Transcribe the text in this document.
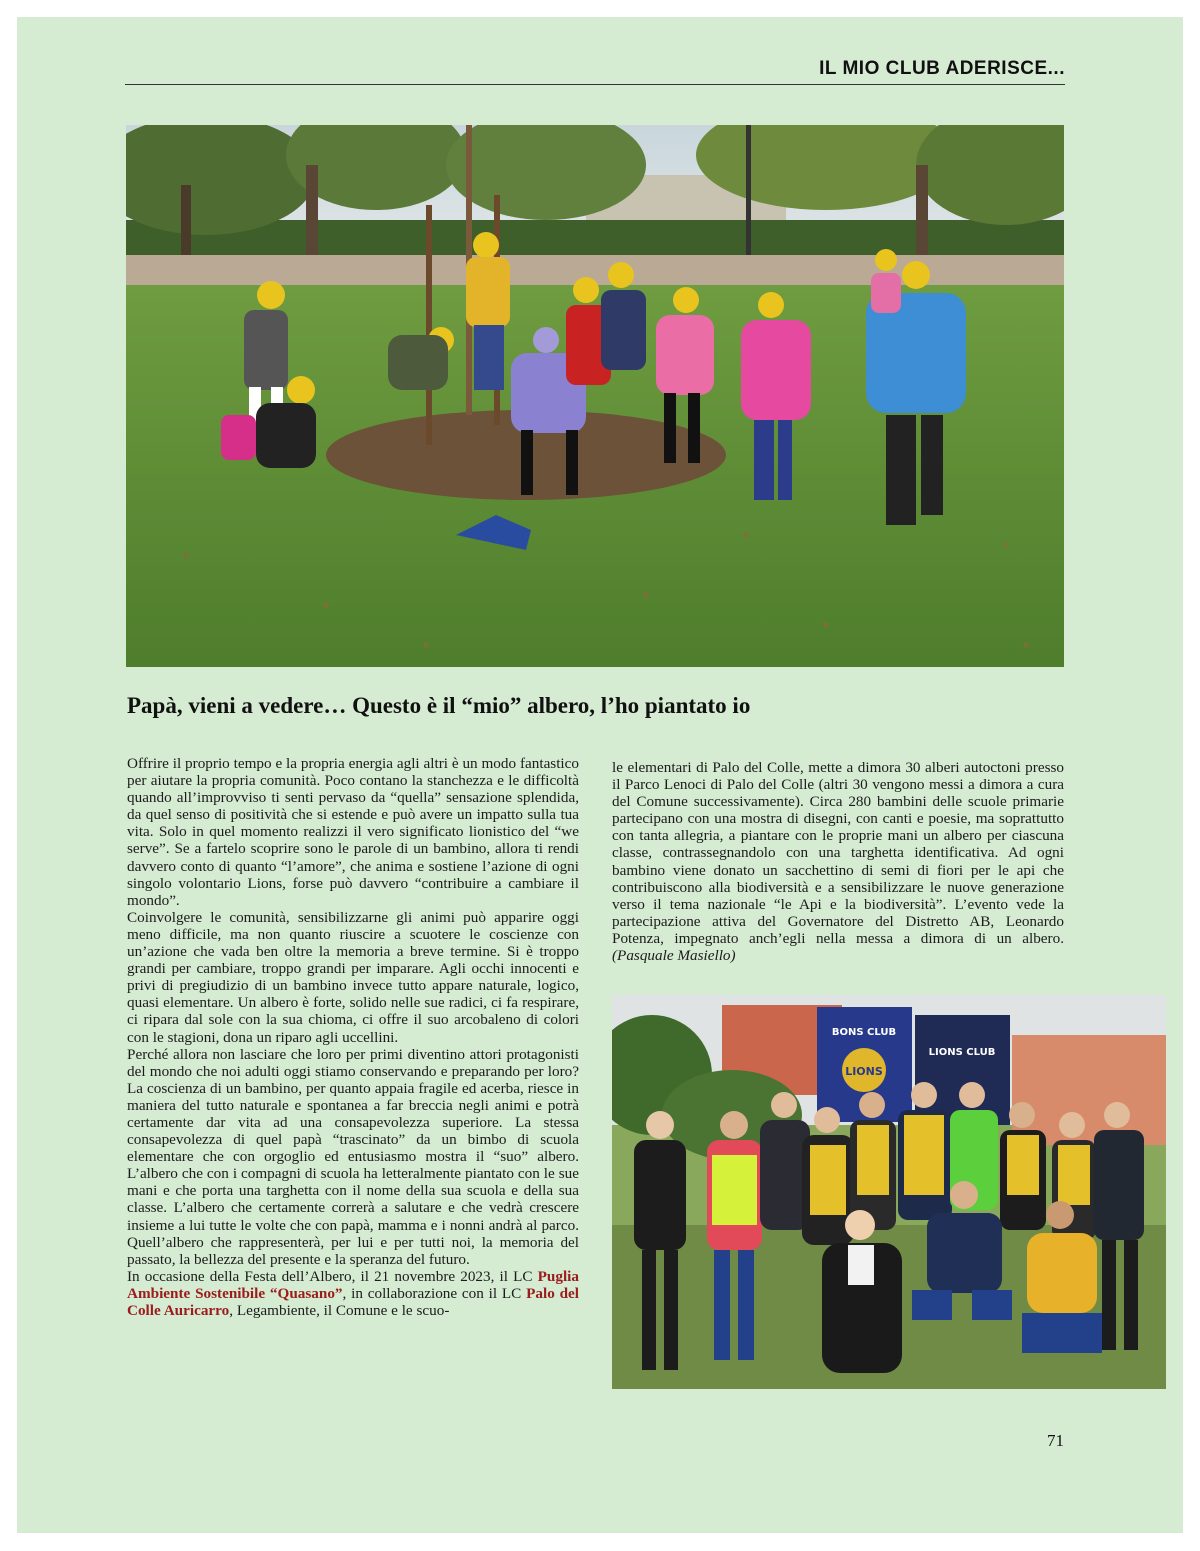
IL MIO CLUB ADERISCE...
Papà, vieni a vedere… Questo è il “mio” albero, l’ho piantato io

Offrire il proprio tempo e la propria energia agli altri è un modo fantastico per aiutare la propria comunità. Poco contano la stanchezza e le difficoltà quando all’improvviso ti senti pervaso da “quella” sensazione splendida, da quel senso di positività che si estende e può avere un impatto sulla tua vita. Solo in quel momento realizzi il vero significato lionistico del “we serve”. Se a fartelo scoprire sono le parole di un bambino, allora ti rendi davvero conto di quanto “l’amore”, che anima e sostiene l’azione di ogni singolo volontario Lions, forse può davvero “contribuire a cambiare il mondo”.

Coinvolgere le comunità, sensibilizzarne gli animi può apparire oggi meno difficile, ma non quanto riuscire a scuotere le coscienze con un’azione che vada ben oltre la memoria a breve termine. Si è troppo grandi per cambiare, troppo grandi per imparare. Agli occhi innocenti e privi di pregiudizio di un bambino invece tutto appare naturale, logico, quasi elementare. Un albero è forte, solido nelle sue radici, ci fa respirare, ci ripara dal sole con la sua chioma, ci offre il suo arcobaleno di colori con le stagioni, dona un riparo agli uccellini.

Perché allora non lasciare che loro per primi diventino attori protagonisti del mondo che noi adulti oggi stiamo conservando e preparando per loro? La coscienza di un bambino, per quanto appaia fragile ed acerba, riesce in maniera del tutto naturale e spontanea a far breccia negli animi e potrà certamente dar vita ad una consapevolezza superiore. La stessa consapevolezza di quel papà “trascinato” da un bimbo di scuola elementare che con orgoglio ed entusiasmo mostra il “suo” albero. L’albero che con i compagni di scuola ha letteralmente piantato con le sue mani e che porta una targhetta con il nome della sua scuola e della sua classe. L’albero che certamente correrà a salutare e che vedrà crescere insieme a lui tutte le volte che con papà, mamma e i nonni andrà al parco. Quell’albero che rappresenterà, per lui e per tutti noi, la memoria del passato, la bellezza del presente e la speranza del futuro.

In occasione della Festa dell’Albero, il 21 novembre 2023, il LC Puglia Ambiente Sostenibile “Quasano”, in collaborazione con il LC Palo del Colle Auricarro, Legambiente, il Comune e le scuo-

le elementari di Palo del Colle, mette a dimora 30 alberi autoctoni presso il Parco Lenoci di Palo del Colle (altri 30 vengono messi a dimora a cura del Comune successivamente). Circa 280 bambini delle scuole primarie partecipano con una mostra di disegni, con canti e poesie, ma soprattutto con tanta allegria, a piantare con le proprie mani un albero per ciascuna classe, contrassegnandolo con una targhetta identificativa. Ad ogni bambino viene donato un sacchettino di semi di fiori per le api che contribuiscono alla biodiversità e a sensibilizzare le nuove generazione verso il tema nazionale “le Api e la biodiversità”. L’evento vede la partecipazione attiva del Governatore del Distretto AB, Leonardo Potenza, impegnato anch’egli nella messa a dimora di un albero. (Pasquale Masiello)

LIONS
BONS CLUB
LIONS CLUB
71
